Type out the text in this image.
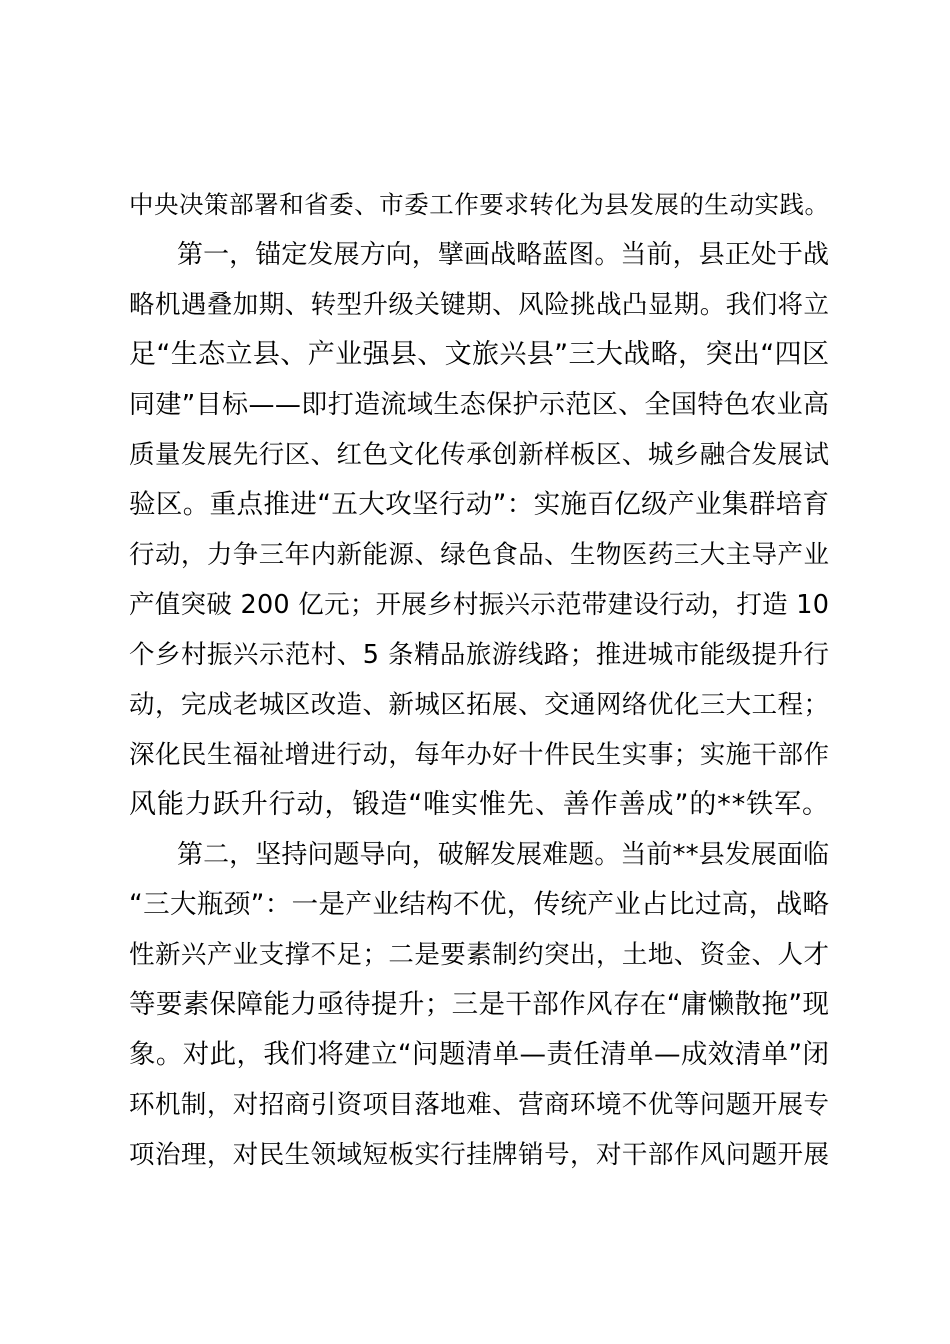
中央决策部署和省委、市委工作要求转化为县发展的生动实践。
第一，锚定发展方向，擘画战略蓝图。当前，县正处于战
略机遇叠加期、转型升级关键期、风险挑战凸显期。我们将立
足“生态立县、产业强县、文旅兴县”三大战略，突出“四区
同建”目标——即打造流域生态保护示范区、全国特色农业高
质量发展先行区、红色文化传承创新样板区、城乡融合发展试
验区。重点推进“五大攻坚行动”：实施百亿级产业集群培育
行动，力争三年内新能源、绿色食品、生物医药三大主导产业
产值突破 200 亿元；开展乡村振兴示范带建设行动，打造 10
个乡村振兴示范村、5 条精品旅游线路；推进城市能级提升行
动，完成老城区改造、新城区拓展、交通网络优化三大工程；
深化民生福祉增进行动，每年办好十件民生实事；实施干部作
风能力跃升行动，锻造“唯实惟先、善作善成”的**铁军。
第二，坚持问题导向，破解发展难题。当前**县发展面临
“三大瓶颈”：一是产业结构不优，传统产业占比过高，战略
性新兴产业支撑不足；二是要素制约突出，土地、资金、人才
等要素保障能力亟待提升；三是干部作风存在“庸懒散拖”现
象。对此，我们将建立“问题清单—责任清单—成效清单”闭
环机制，对招商引资项目落地难、营商环境不优等问题开展专
项治理，对民生领域短板实行挂牌销号，对干部作风问题开展
